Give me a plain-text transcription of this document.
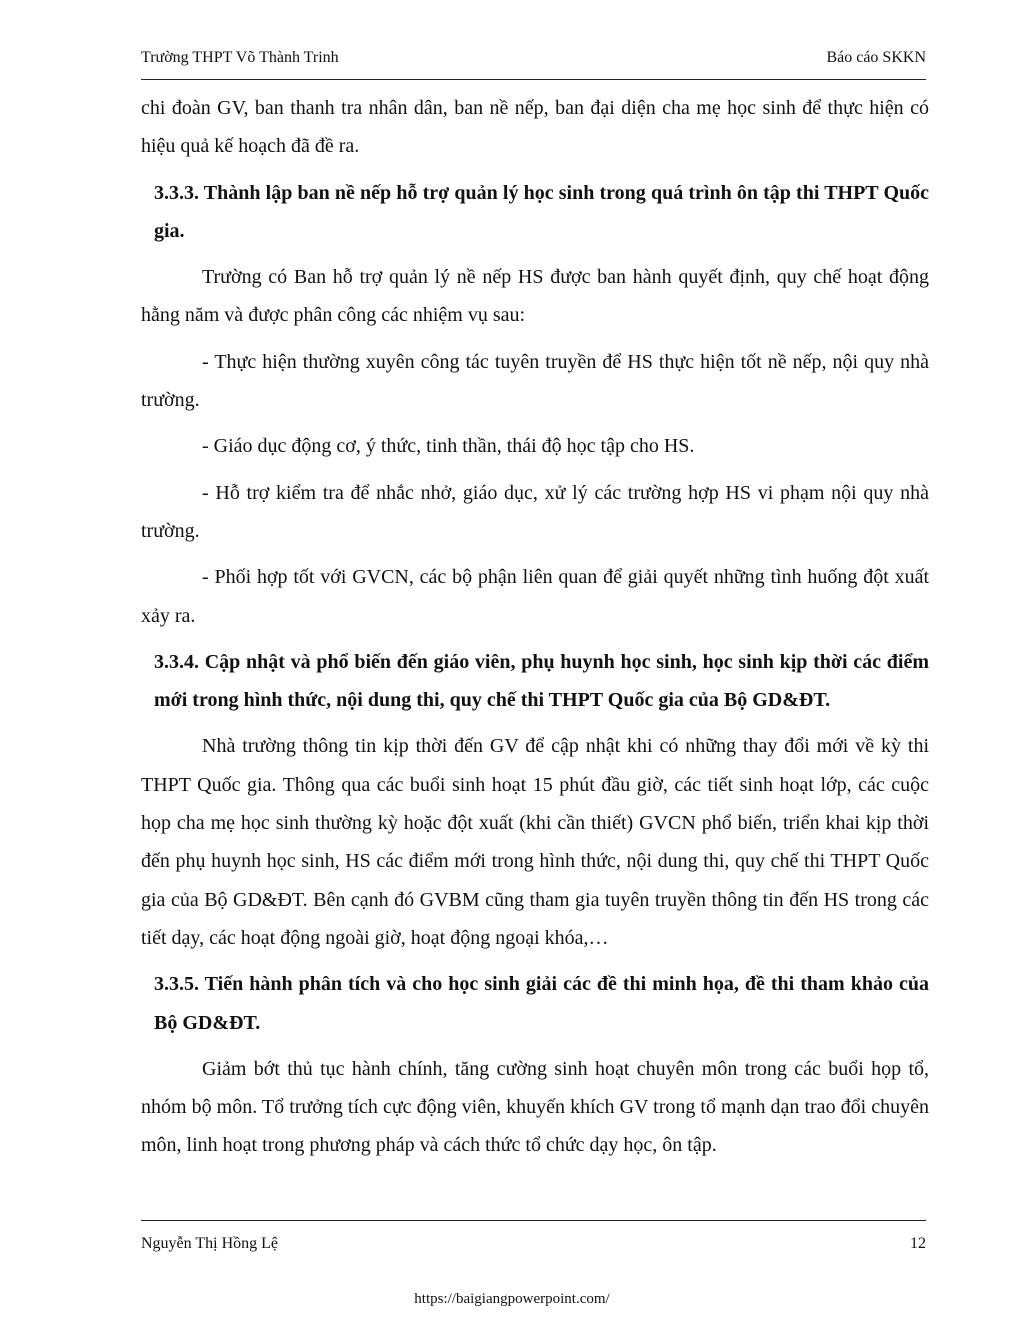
Trường THPT Võ Thành Trinh	Báo cáo SKKN

chi đoàn GV, ban thanh tra nhân dân, ban nề nếp, ban đại diện cha mẹ học sinh để thực hiện có hiệu quả kế hoạch đã đề ra.

3.3.3. Thành lập ban nề nếp hỗ trợ quản lý học sinh trong quá trình ôn tập thi THPT Quốc gia.

Trường có Ban hỗ trợ quản lý nề nếp HS được ban hành quyết định, quy chế hoạt động hằng năm và được phân công các nhiệm vụ sau:

- Thực hiện thường xuyên công tác tuyên truyền để HS thực hiện tốt nề nếp, nội quy nhà trường.

- Giáo dục động cơ, ý thức, tinh thần, thái độ học tập cho HS.

- Hỗ trợ kiểm tra để nhắc nhở, giáo dục, xử lý các trường hợp HS vi phạm nội quy nhà trường.

- Phối hợp tốt với GVCN, các bộ phận liên quan để giải quyết những tình huống đột xuất xảy ra.

3.3.4. Cập nhật và phổ biến đến giáo viên, phụ huynh học sinh, học sinh kịp thời các điểm mới trong hình thức, nội dung thi, quy chế thi THPT Quốc gia của Bộ GD&ĐT.

Nhà trường thông tin kịp thời đến GV để cập nhật khi có những thay đổi mới về kỳ thi THPT Quốc gia. Thông qua các buổi sinh hoạt 15 phút đầu giờ, các tiết sinh hoạt lớp, các cuộc họp cha mẹ học sinh thường kỳ hoặc đột xuất (khi cần thiết) GVCN phổ biến, triển khai kịp thời đến phụ huynh học sinh, HS các điểm mới trong hình thức, nội dung thi, quy chế thi THPT Quốc gia của Bộ GD&ĐT. Bên cạnh đó GVBM cũng tham gia tuyên truyền thông tin đến HS trong các tiết dạy, các hoạt động ngoài giờ, hoạt động ngoại khóa,…

3.3.5. Tiến hành phân tích và cho học sinh giải các đề thi minh họa, đề thi tham khảo của Bộ GD&ĐT.

Giảm bớt thủ tục hành chính, tăng cường sinh hoạt chuyên môn trong các buổi họp tổ, nhóm bộ môn. Tổ trưởng tích cực động viên, khuyến khích GV trong tổ mạnh dạn trao đổi chuyên môn, linh hoạt trong phương pháp và cách thức tổ chức dạy học, ôn tập.

Nguyễn Thị Hồng Lệ	12
https://baigiangpowerpoint.com/
